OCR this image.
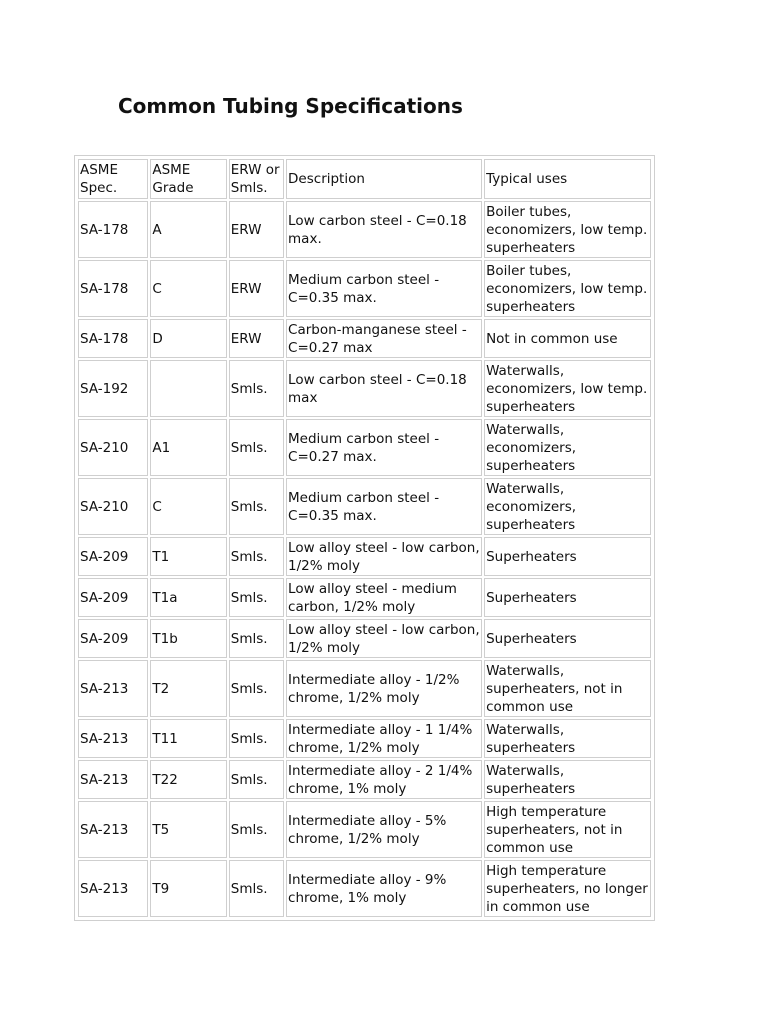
Common Tubing Specifications
ASME Spec.	ASME Grade	ERW or Smls.	Description	Typical uses
SA-178	A	ERW	Low carbon steel - C=0.18 max.	Boiler tubes, economizers, low temp. superheaters
SA-178	C	ERW	Medium carbon steel - C=0.35 max.	Boiler tubes, economizers, low temp. superheaters
SA-178	D	ERW	Carbon-manganese steel - C=0.27 max	Not in common use
SA-192		Smls.	Low carbon steel - C=0.18 max	Waterwalls, economizers, low temp. superheaters
SA-210	A1	Smls.	Medium carbon steel - C=0.27 max.	Waterwalls, economizers, superheaters
SA-210	C	Smls.	Medium carbon steel - C=0.35 max.	Waterwalls, economizers, superheaters
SA-209	T1	Smls.	Low alloy steel - low carbon, 1/2% moly	Superheaters
SA-209	T1a	Smls.	Low alloy steel - medium carbon, 1/2% moly	Superheaters
SA-209	T1b	Smls.	Low alloy steel - low carbon, 1/2% moly	Superheaters
SA-213	T2	Smls.	Intermediate alloy - 1/2% chrome, 1/2% moly	Waterwalls, superheaters, not in common use
SA-213	T11	Smls.	Intermediate alloy - 1 1/4% chrome, 1/2% moly	Waterwalls, superheaters
SA-213	T22	Smls.	Intermediate alloy - 2 1/4% chrome, 1% moly	Waterwalls, superheaters
SA-213	T5	Smls.	Intermediate alloy - 5% chrome, 1/2% moly	High temperature superheaters, not in common use
SA-213	T9	Smls.	Intermediate alloy - 9% chrome, 1% moly	High temperature superheaters, no longer in common use
